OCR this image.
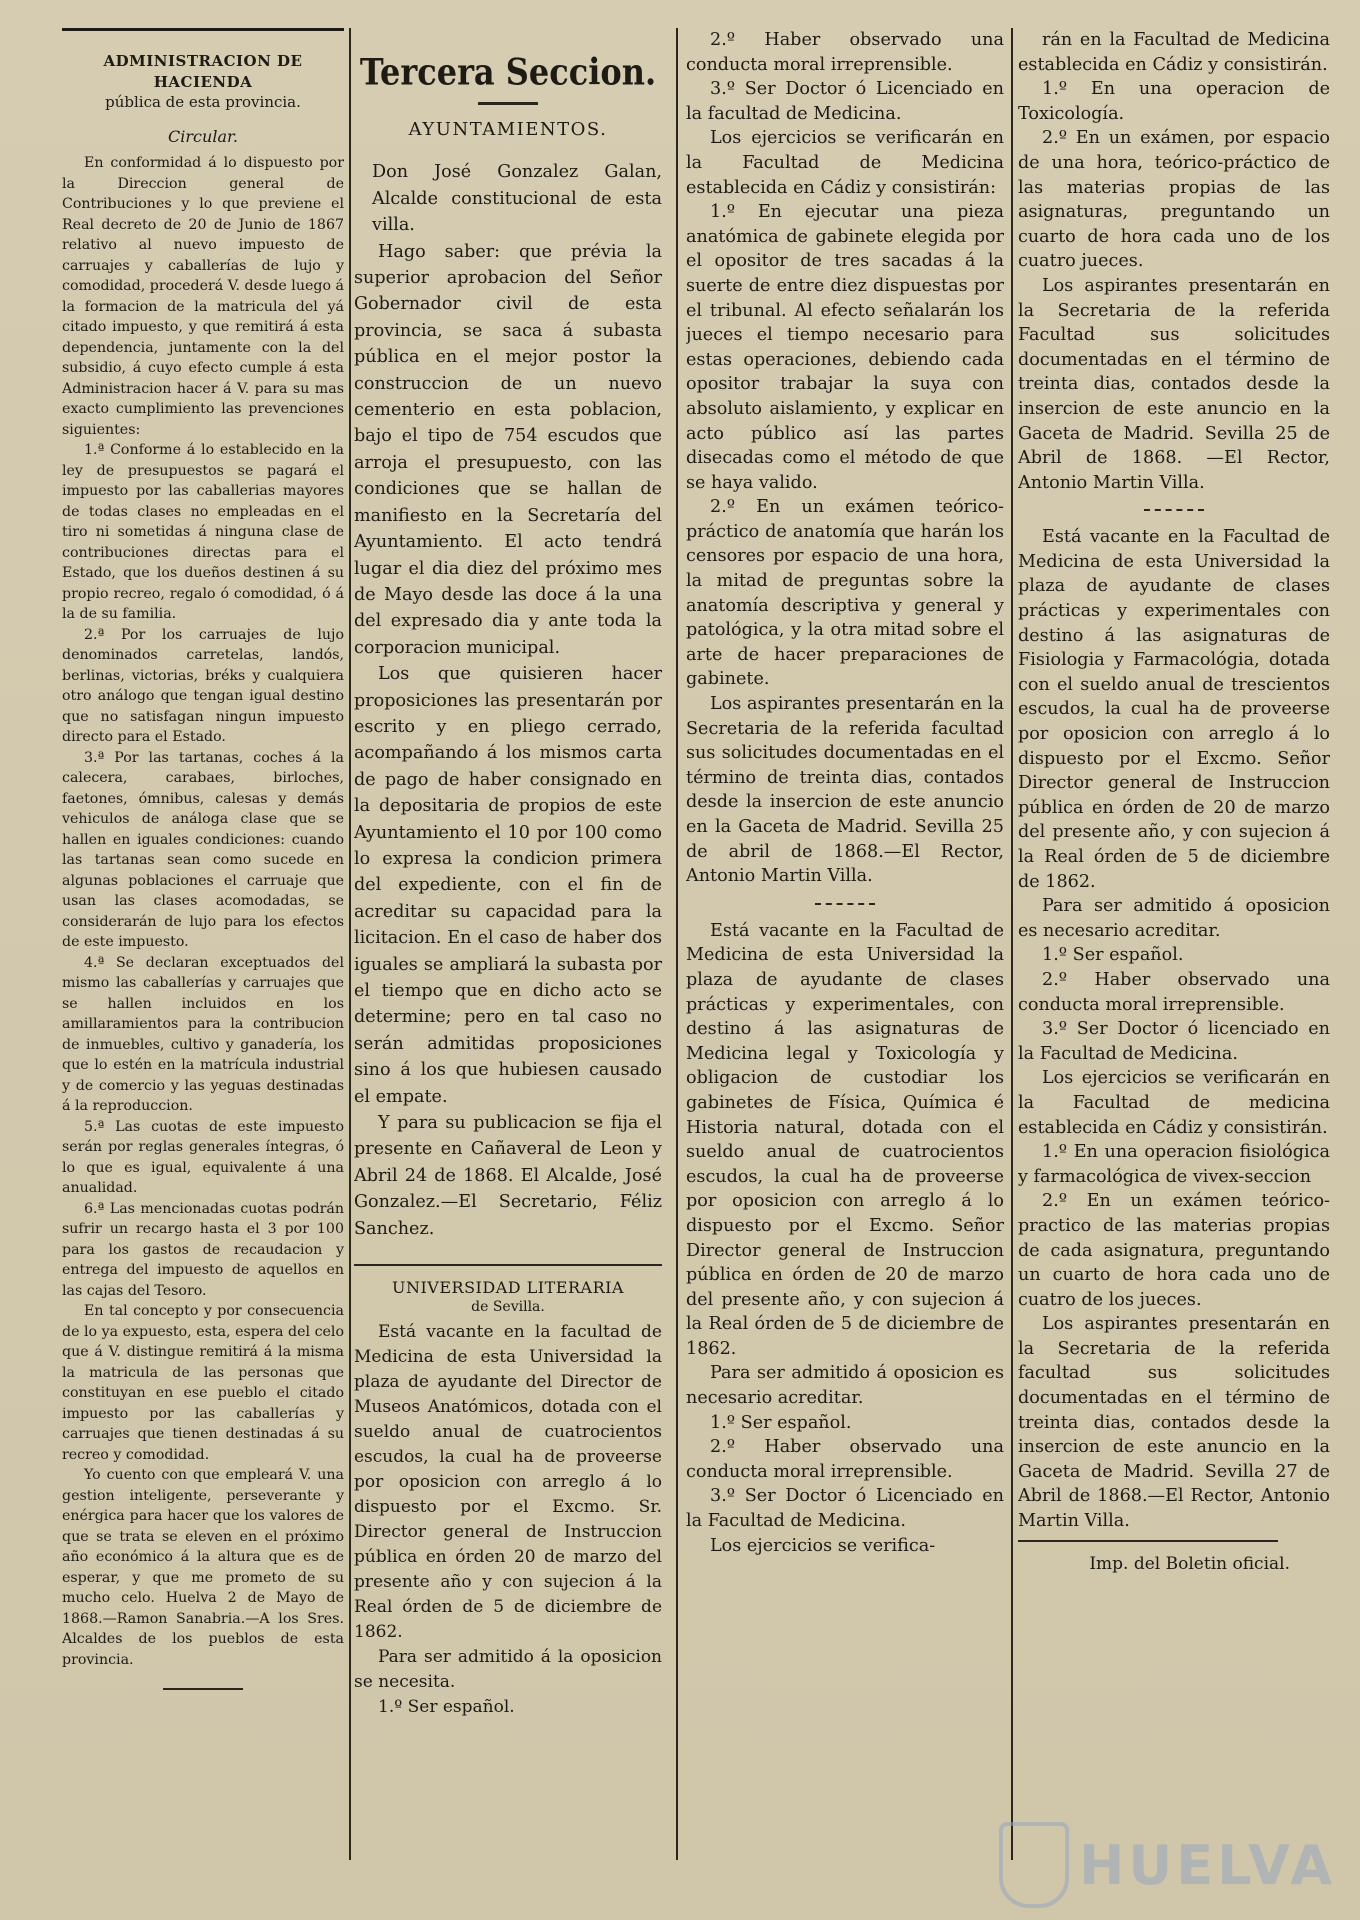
ADMINISTRACION DE HACIENDA
pública de esta provincia.
Circular.

En conformidad á lo dispuesto por la Direccion general de Contribuciones y lo que previene el Real decreto de 20 de Junio de 1867 relativo al nuevo impuesto de carruajes y caballerías de lujo y comodidad, procederá V. desde luego á la formacion de la matricula del yá citado impuesto, y que remitirá á esta dependencia, juntamente con la del subsidio, á cuyo efecto cumple á esta Administracion hacer á V. para su mas exacto cumplimiento las prevenciones siguientes:

1.ª Conforme á lo establecido en la ley de presupuestos se pagará el impuesto por las caballerias mayores de todas clases no empleadas en el tiro ni sometidas á ninguna clase de contribuciones directas para el Estado, que los dueños destinen á su propio recreo, regalo ó comodidad, ó á la de su familia.

2.ª Por los carruajes de lujo denominados carretelas, landós, berlinas, victorias, bréks y cualquiera otro análogo que tengan igual destino que no satisfagan ningun impuesto directo para el Estado.

3.ª Por las tartanas, coches á la calecera, carabaes, birloches, faetones, ómnibus, calesas y demás vehiculos de análoga clase que se hallen en iguales condiciones: cuando las tartanas sean como sucede en algunas poblaciones el carruaje que usan las clases acomodadas, se considerarán de lujo para los efectos de este impuesto.

4.ª Se declaran exceptuados del mismo las caballerías y carruajes que se hallen incluidos en los amillaramientos para la contribucion de inmuebles, cultivo y ganadería, los que lo estén en la matrícula industrial y de comercio y las yeguas destinadas á la reproduccion.

5.ª Las cuotas de este impuesto serán por reglas generales íntegras, ó lo que es igual, equivalente á una anualidad.

6.ª Las mencionadas cuotas podrán sufrir un recargo hasta el 3 por 100 para los gastos de recaudacion y entrega del impuesto de aquellos en las cajas del Tesoro.

En tal concepto y por consecuencia de lo ya expuesto, esta, espera del celo que á V. distingue remitirá á la misma la matricula de las personas que constituyan en ese pueblo el citado impuesto por las caballerías y carruajes que tienen destinadas á su recreo y comodidad.

Yo cuento con que empleará V. una gestion inteligente, perseverante y enérgica para hacer que los valores de que se trata se eleven en el próximo año económico á la altura que es de esperar, y que me prometo de su mucho celo. Huelva 2 de Mayo de 1868.—Ramon Sanabria.—A los Sres. Alcaldes de los pueblos de esta provincia.

Tercera Seccion.
AYUNTAMIENTOS.

Don José Gonzalez Galan, Alcalde constitucional de esta villa.

Hago saber: que prévia la superior aprobacion del Señor Gobernador civil de esta provincia, se saca á subasta pública en el mejor postor la construccion de un nuevo cementerio en esta poblacion, bajo el tipo de 754 escudos que arroja el presupuesto, con las condiciones que se hallan de manifiesto en la Secretaría del Ayuntamiento. El acto tendrá lugar el dia diez del próximo mes de Mayo desde las doce á la una del expresado dia y ante toda la corporacion municipal.

Los que quisieren hacer proposiciones las presentarán por escrito y en pliego cerrado, acompañando á los mismos carta de pago de haber consignado en la depositaria de propios de este Ayuntamiento el 10 por 100 como lo expresa la condicion primera del expediente, con el fin de acreditar su capacidad para la licitacion. En el caso de haber dos iguales se ampliará la subasta por el tiempo que en dicho acto se determine; pero en tal caso no serán admitidas proposiciones sino á los que hubiesen causado el empate.

Y para su publicacion se fija el presente en Cañaveral de Leon y Abril 24 de 1868. El Alcalde, José Gonzalez.—El Secretario, Féliz Sanchez.

UNIVERSIDAD LITERARIA
de Sevilla.

Está vacante en la facultad de Medicina de esta Universidad la plaza de ayudante del Director de Museos Anatómicos, dotada con el sueldo anual de cuatrocientos escudos, la cual ha de proveerse por oposicion con arreglo á lo dispuesto por el Excmo. Sr. Director general de Instruccion pública en órden 20 de marzo del presente año y con sujecion á la Real órden de 5 de diciembre de 1862.

Para ser admitido á la oposicion se necesita.

1.º Ser español.

2.º Haber observado una conducta moral irreprensible.

3.º Ser Doctor ó Licenciado en la facultad de Medicina.

Los ejercicios se verificarán en la Facultad de Medicina establecida en Cádiz y consistirán:

1.º En ejecutar una pieza anatómica de gabinete elegida por el opositor de tres sacadas á la suerte de entre diez dispuestas por el tribunal. Al efecto señalarán los jueces el tiempo necesario para estas operaciones, debiendo cada opositor trabajar la suya con absoluto aislamiento, y explicar en acto público así las partes disecadas como el método de que se haya valido.

2.º En un exámen teórico-práctico de anatomía que harán los censores por espacio de una hora, la mitad de preguntas sobre la anatomía descriptiva y general y patológica, y la otra mitad sobre el arte de hacer preparaciones de gabinete.

Los aspirantes presentarán en la Secretaria de la referida facultad sus solicitudes documentadas en el término de treinta dias, contados desde la insercion de este anuncio en la Gaceta de Madrid. Sevilla 25 de abril de 1868.—El Rector, Antonio Martin Villa.

Está vacante en la Facultad de Medicina de esta Universidad la plaza de ayudante de clases prácticas y experimentales, con destino á las asignaturas de Medicina legal y Toxicología y obligacion de custodiar los gabinetes de Física, Química é Historia natural, dotada con el sueldo anual de cuatrocientos escudos, la cual ha de proveerse por oposicion con arreglo á lo dispuesto por el Excmo. Señor Director general de Instruccion pública en órden de 20 de marzo del presente año, y con sujecion á la Real órden de 5 de diciembre de 1862.

Para ser admitido á oposicion es necesario acreditar.

1.º Ser español.

2.º Haber observado una conducta moral irreprensible.

3.º Ser Doctor ó Licenciado en la Facultad de Medicina.

Los ejercicios se verifica-

rán en la Facultad de Medicina establecida en Cádiz y consistirán.

1.º En una operacion de Toxicología.

2.º En un exámen, por espacio de una hora, teórico-práctico de las materias propias de las asignaturas, preguntando un cuarto de hora cada uno de los cuatro jueces.

Los aspirantes presentarán en la Secretaria de la referida Facultad sus solicitudes documentadas en el término de treinta dias, contados desde la insercion de este anuncio en la Gaceta de Madrid. Sevilla 25 de Abril de 1868. —El Rector, Antonio Martin Villa.

Está vacante en la Facultad de Medicina de esta Universidad la plaza de ayudante de clases prácticas y experimentales con destino á las asignaturas de Fisiologia y Farmacológia, dotada con el sueldo anual de trescientos escudos, la cual ha de proveerse por oposicion con arreglo á lo dispuesto por el Excmo. Señor Director general de Instruccion pública en órden de 20 de marzo del presente año, y con sujecion á la Real órden de 5 de diciembre de 1862.

Para ser admitido á oposicion es necesario acreditar.

1.º Ser español.

2.º Haber observado una conducta moral irreprensible.

3.º Ser Doctor ó licenciado en la Facultad de Medicina.

Los ejercicios se verificarán en la Facultad de medicina establecida en Cádiz y consistirán.

1.º En una operacion fisiológica y farmacológica de vivex-seccion

2.º En un exámen teórico-practico de las materias propias de cada asignatura, preguntando un cuarto de hora cada uno de cuatro de los jueces.

Los aspirantes presentarán en la Secretaria de la referida facultad sus solicitudes documentadas en el término de treinta dias, contados desde la insercion de este anuncio en la Gaceta de Madrid. Sevilla 27 de Abril de 1868.—El Rector, Antonio Martin Villa.

Imp. del Boletin oficial.
HUELVA
